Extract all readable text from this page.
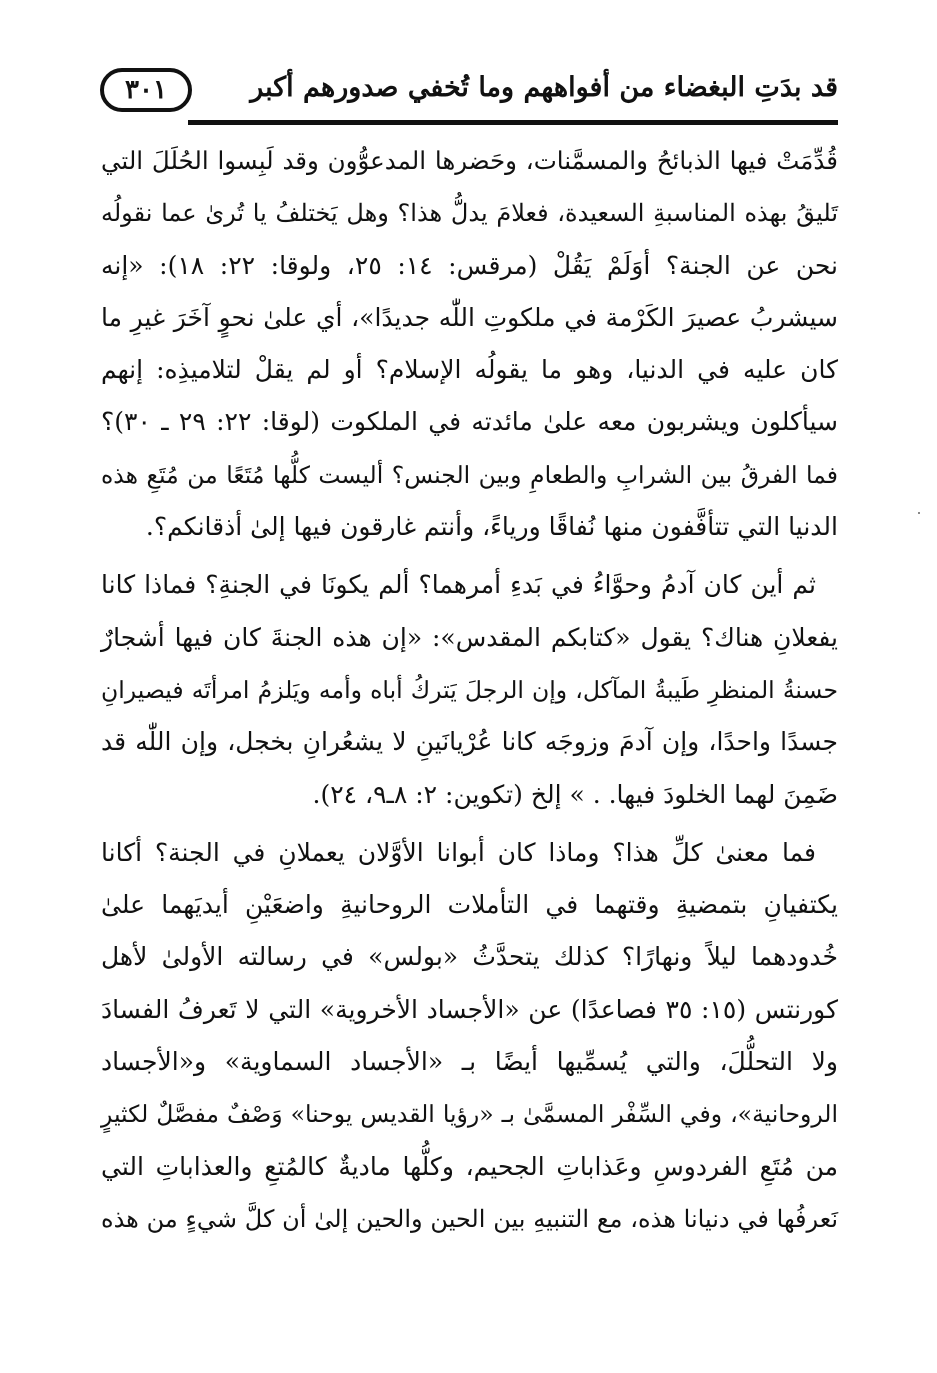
قد بدَتِ البغضاء من أفواههم وما تُخفي صدورهم أكبر
٣٠١
قُدِّمَتْ فيها الذبائحُ والمسمَّنات، وحَضرها المدعوُّون وقد لَبِسوا الحُلَلَ التي
تَليقُ بهذه المناسبةِ السعيدة، فعلامَ يدلُّ هذا؟ وهل يَختلفُ يا تُرىٰ عما نقولُه
نحن عن الجنة؟ أوَلَمْ يَقُلْ (مرقس: ١٤: ٢٥، ولوقا: ٢٢: ١٨): «إنه
سيشربُ عصيرَ الكَرْمة في ملكوتِ اللّٰه جديدًا»، أي علىٰ نحوٍ آخَرَ غيرِ ما
كان عليه في الدنيا، وهو ما يقولُه الإسلام؟ أو لم يقلْ لتلاميذِه: إنهم
سيأكلون ويشربون معه علىٰ مائدته في الملكوت (لوقا: ٢٢: ٢٩ ـ ٣٠)؟
فما الفرقُ بين الشرابِ والطعامِ وبين الجنس؟ أليست كلُّها مُتَعًا من مُتَعِ هذه
الدنيا التي تتأفَّفون منها نُفاقًا ورياءً، وأنتم غارقون فيها إلىٰ أذقانكم؟.
ثم أين كان آدمُ وحوَّاءُ في بَدءِ أمرهما؟ ألم يكونَا في الجنةِ؟ فماذا كانا
يفعلانِ هناك؟ يقول «كتابكم المقدس»: «إن هذه الجنةَ كان فيها أشجارٌ
حسنةُ المنظرِ طَيبةُ المآكل، وإن الرجلَ يَتركُ أباه وأمه ويَلزمُ امرأتَه فيصيرانِ
جسدًا واحدًا، وإن آدمَ وزوجَه كانا عُرْيانَينِ لا يشعُرانِ بخجل، وإن اللّٰه قد
ضَمِنَ لهما الخلودَ فيها. . » إلخ (تكوين: ٢: ٨ـ٩، ٢٤).
فما معنىٰ كلِّ هذا؟ وماذا كان أبوانا الأوَّلان يعملانِ في الجنة؟ أكانا
يكتفيانِ بتمضيةِ وقتهما في التأملات الروحانيةِ واضعَيْنِ أيديَهما علىٰ
خُدودهما ليلاً ونهارًا؟ كذلك يتحدَّثُ «بولس» في رسالته الأولىٰ لأهل
كورنتس (١٥: ٣٥ فصاعدًا) عن «الأجساد الأخروية» التي لا تَعرفُ الفسادَ
ولا التحلُّلَ، والتي يُسمِّيها أيضًا بـ «الأجساد السماوية» و«الأجساد
الروحانية»، وفي السِّفْر المسمَّىٰ بـ «رؤيا القديس يوحنا» وَصْفٌ مفصَّلٌ لكثيرٍ
من مُتَعِ الفردوسِ وعَذاباتِ الجحيم، وكلُّها ماديةٌ كالمُتعِ والعذاباتِ التي
نَعرفُها في دنيانا هذه، مع التنبيهِ بين الحين والحين إلىٰ أن كلَّ شيءٍ من هذه
